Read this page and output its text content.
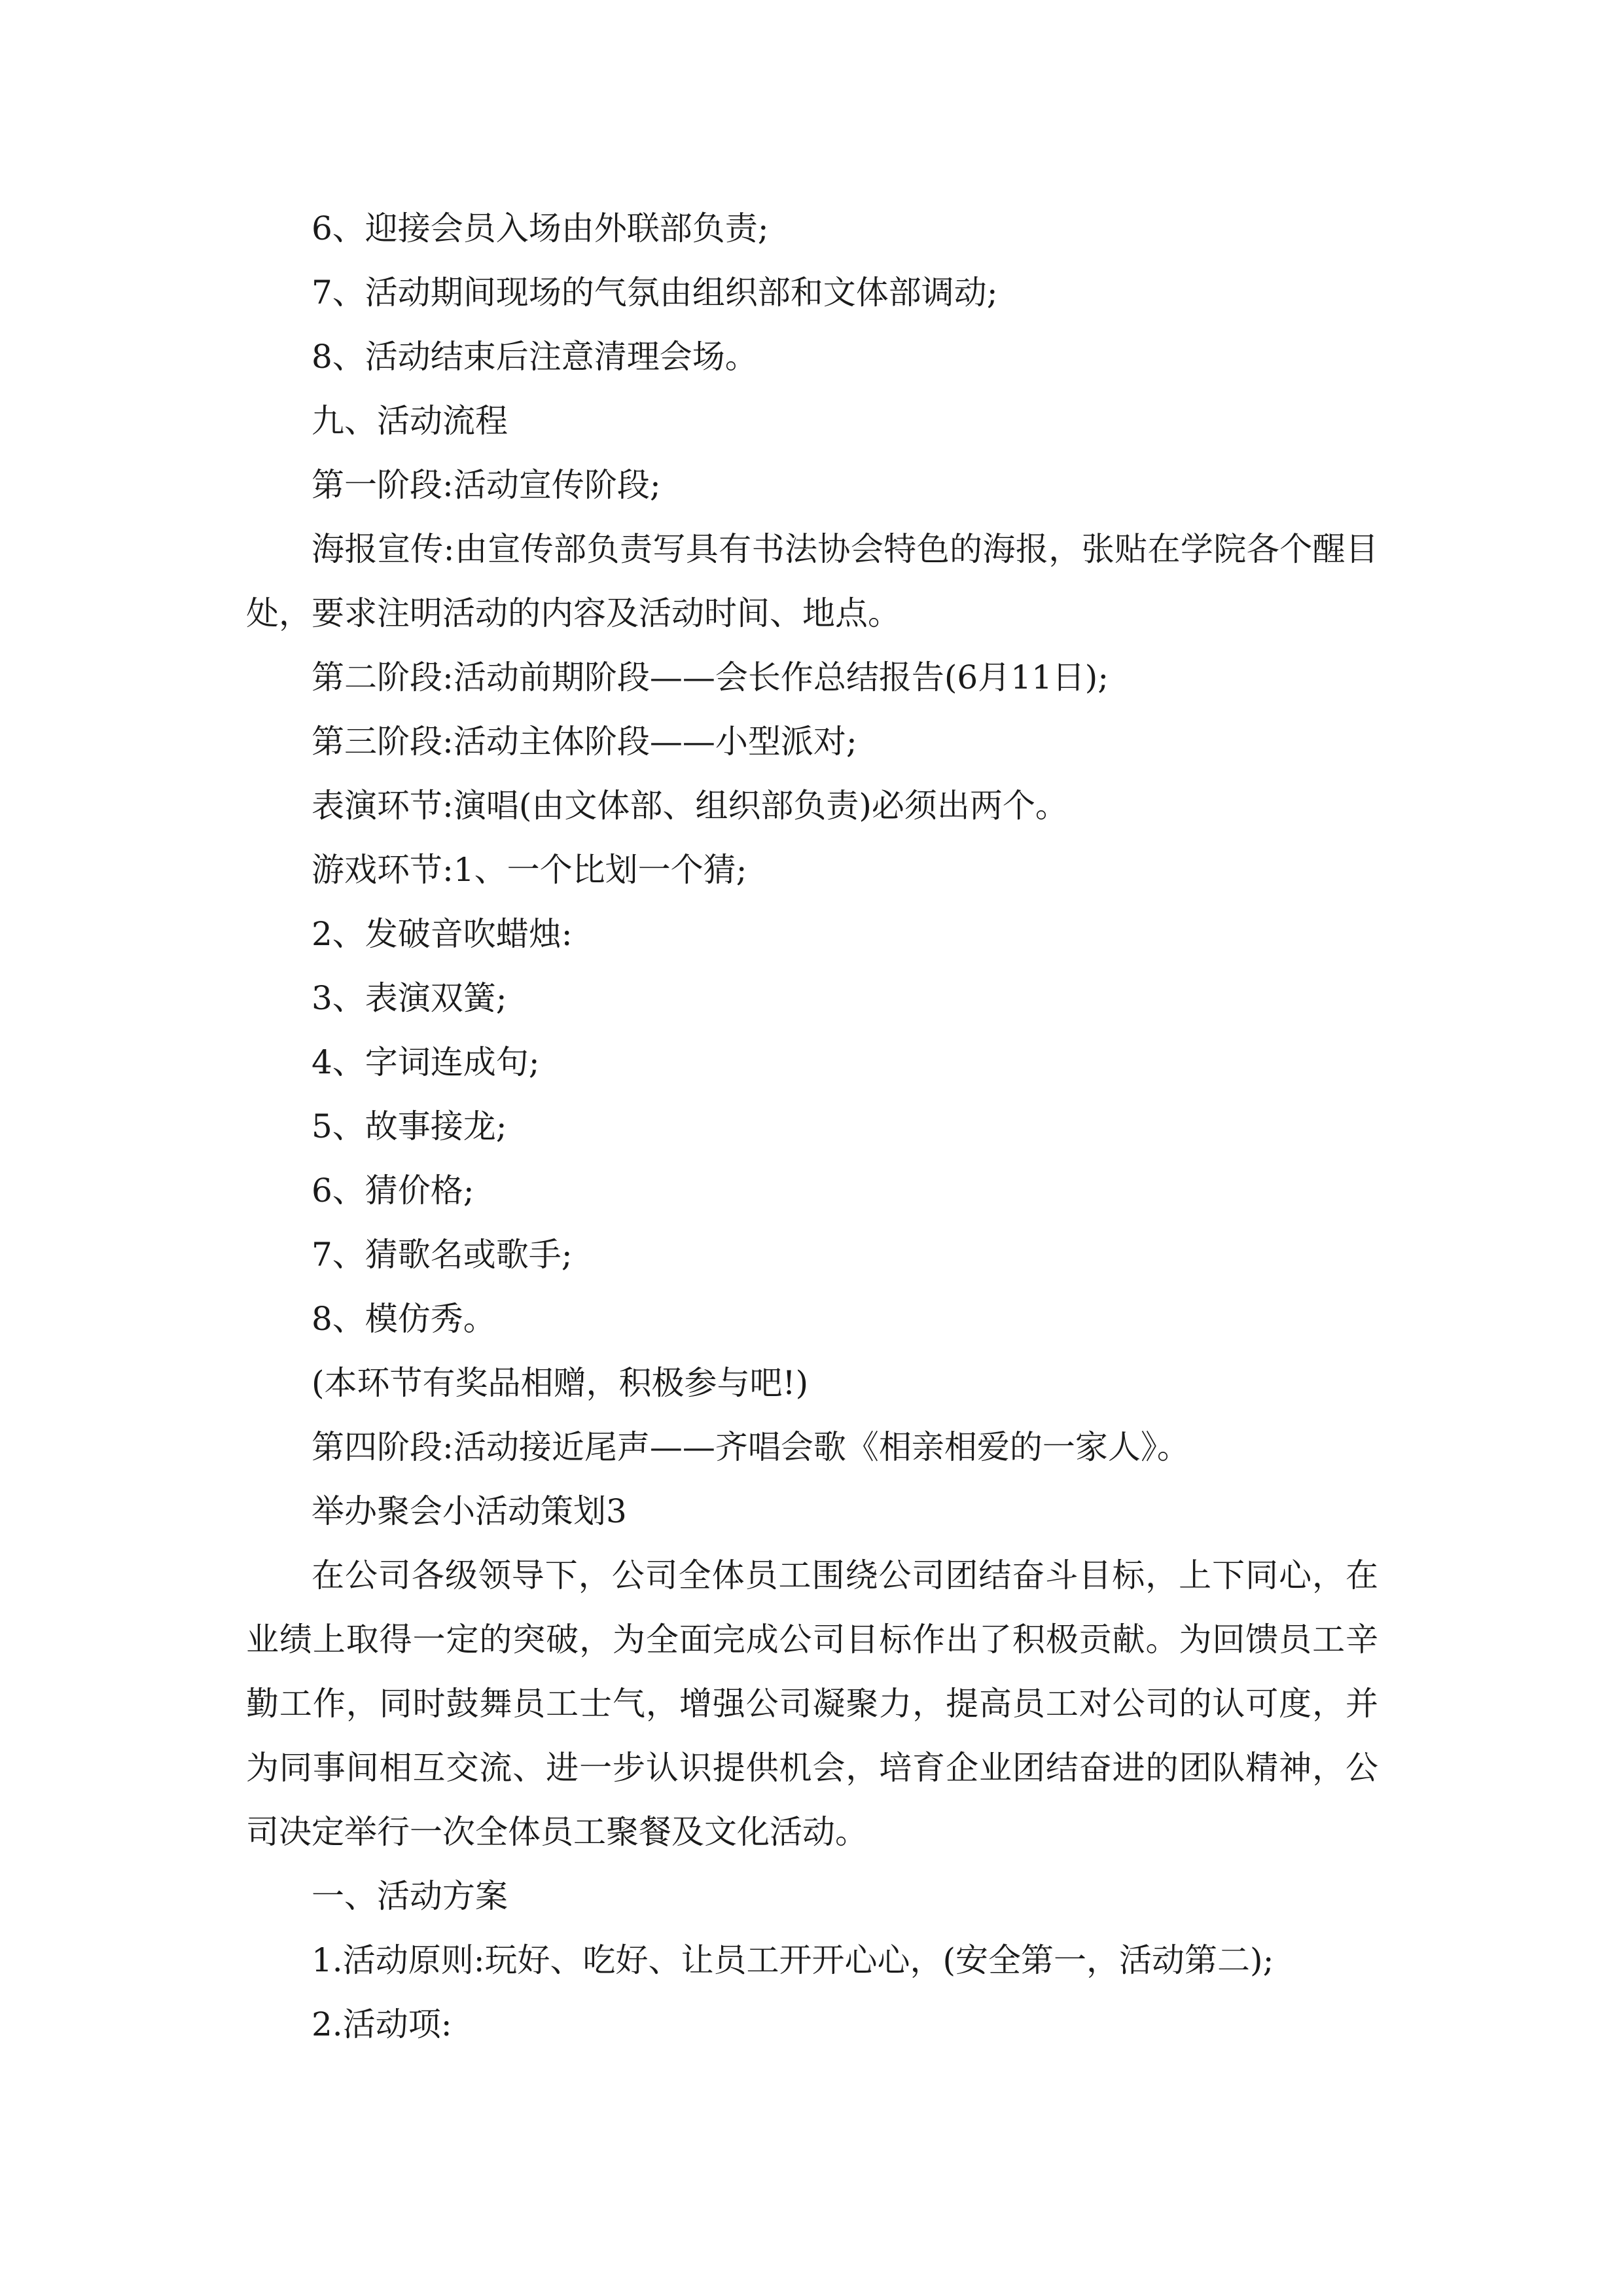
6、迎接会员入场由外联部负责;

7、活动期间现场的气氛由组织部和文体部调动;

8、活动结束后注意清理会场。

九、活动流程

第一阶段:活动宣传阶段;

海报宣传:由宣传部负责写具有书法协会特色的海报，张贴在学院各个醒目处，要求注明活动的内容及活动时间、地点。

第二阶段:活动前期阶段——会长作总结报告(6月11日);

第三阶段:活动主体阶段——小型派对;

表演环节:演唱(由文体部、组织部负责)必须出两个。

游戏环节:1、一个比划一个猜;

2、发破音吹蜡烛:

3、表演双簧;

4、字词连成句;

5、故事接龙;

6、猜价格;

7、猜歌名或歌手;

8、模仿秀。

(本环节有奖品相赠，积极参与吧!)

第四阶段:活动接近尾声——齐唱会歌《相亲相爱的一家人》。

举办聚会小活动策划3

在公司各级领导下，公司全体员工围绕公司团结奋斗目标，上下同心，在业绩上取得一定的突破，为全面完成公司目标作出了积极贡献。为回馈员工辛勤工作，同时鼓舞员工士气，增强公司凝聚力，提高员工对公司的认可度，并为同事间相互交流、进一步认识提供机会，培育企业团结奋进的团队精神，公司决定举行一次全体员工聚餐及文化活动。

一、活动方案

1.活动原则:玩好、吃好、让员工开开心心，(安全第一，活动第二);

2.活动项:
